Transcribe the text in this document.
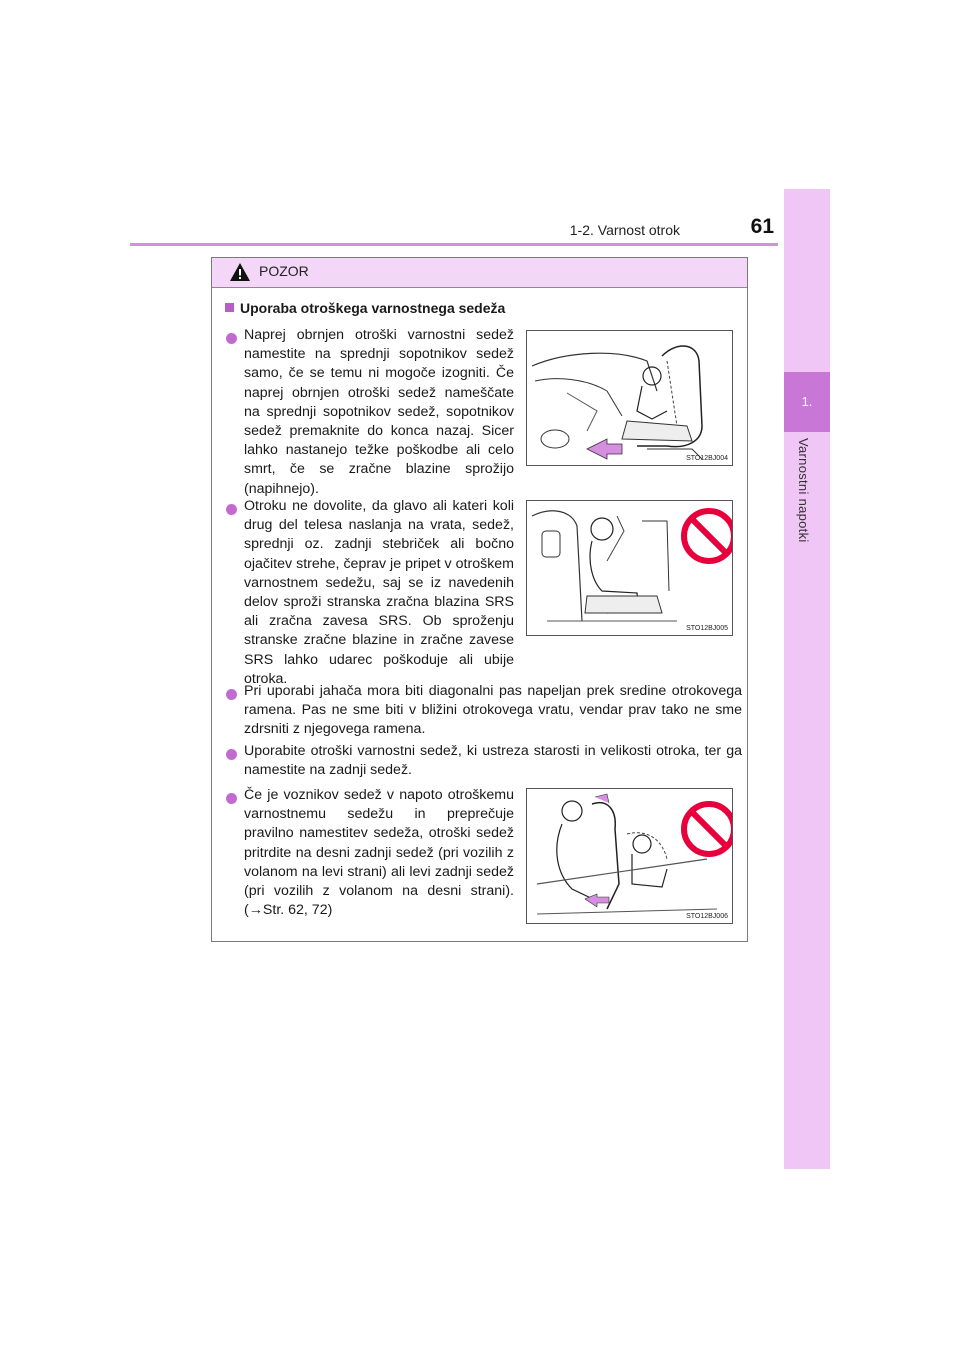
1-2. Varnost otrok	61
1.
Varnostni napotki
POZOR
Uporaba otroškega varnostnega sedeža
Naprej obrnjen otroški varnostni sedež namestite na sprednji sopotnikov sedež samo, če se temu ni mogoče izogniti. Če naprej obrnjen otroški sedež nameščate na sprednji sopotnikov sedež, sopotnikov sedež premaknite do konca nazaj. Sicer lahko nastanejo težke poškodbe ali celo smrt, če se zračne blazine sprožijo (napihnejo).
STO12BJ004
Otroku ne dovolite, da glavo ali kateri koli drug del telesa naslanja na vrata, sedež, sprednji oz. zadnji stebriček ali bočno ojačitev strehe, čeprav je pripet v otroškem varnostnem sedežu, saj se iz navedenih delov sproži stranska zračna blazina SRS ali zračna zavesa SRS. Ob sproženju stranske zračne blazine in zračne zavese SRS lahko udarec poškoduje ali ubije otroka.
STO12BJ005
Pri uporabi jahača mora biti diagonalni pas napeljan prek sredine otrokovega ramena. Pas ne sme biti v bližini otrokovega vratu, vendar prav tako ne sme zdrsniti z njegovega ramena.
Uporabite otroški varnostni sedež, ki ustreza starosti in velikosti otroka, ter ga namestite na zadnji sedež.
Če je voznikov sedež v napoto otroškemu varnostnemu sedežu in preprečuje pravilno namestitev sedeža, otroški sedež pritrdite na desni zadnji sedež (pri vozilih z volanom na levi strani) ali levi zadnji sedež (pri vozilih z volanom na desni strani). (→Str. 62, 72)	STO12BJ006
